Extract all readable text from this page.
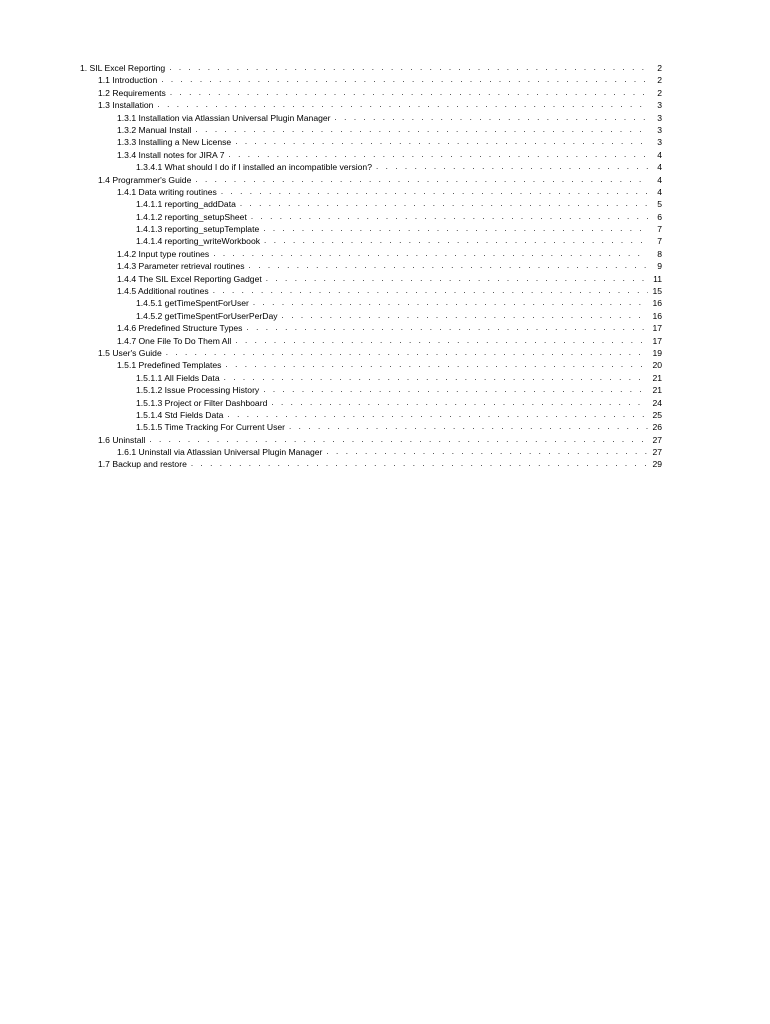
1. SIL Excel Reporting . . .	2
1.1 Introduction . . .	2
1.2 Requirements . . .	2
1.3 Installation . . .	3
1.3.1 Installation via Atlassian Universal Plugin Manager . . .	3
1.3.2 Manual Install . . .	3
1.3.3 Installing a New License . . .	3
1.3.4 Install notes for JIRA 7 . . .	4
1.3.4.1 What should I do if I installed an incompatible version? . . .	4
1.4 Programmer's Guide . . .	4
1.4.1 Data writing routines . . .	4
1.4.1.1 reporting_addData . . .	5
1.4.1.2 reporting_setupSheet . . .	6
1.4.1.3 reporting_setupTemplate . . .	7
1.4.1.4 reporting_writeWorkbook . . .	7
1.4.2 Input type routines . . .	8
1.4.3 Parameter retrieval routines . . .	9
1.4.4 The SIL Excel Reporting Gadget . . .	11
1.4.5 Additional routines . . .	15
1.4.5.1 getTimeSpentForUser . . .	16
1.4.5.2 getTimeSpentForUserPerDay . . .	16
1.4.6 Predefined Structure Types . . .	17
1.4.7 One File To Do Them All . . .	17
1.5 User's Guide . . .	19
1.5.1 Predefined Templates . . .	20
1.5.1.1 All Fields Data . . .	21
1.5.1.2 Issue Processing History . . .	21
1.5.1.3 Project or Filter Dashboard . . .	24
1.5.1.4 Std Fields Data . . .	25
1.5.1.5 Time Tracking For Current User . . .	26
1.6 Uninstall . . .	27
1.6.1 Uninstall via Atlassian Universal Plugin Manager . . .	27
1.7 Backup and restore . . .	29
